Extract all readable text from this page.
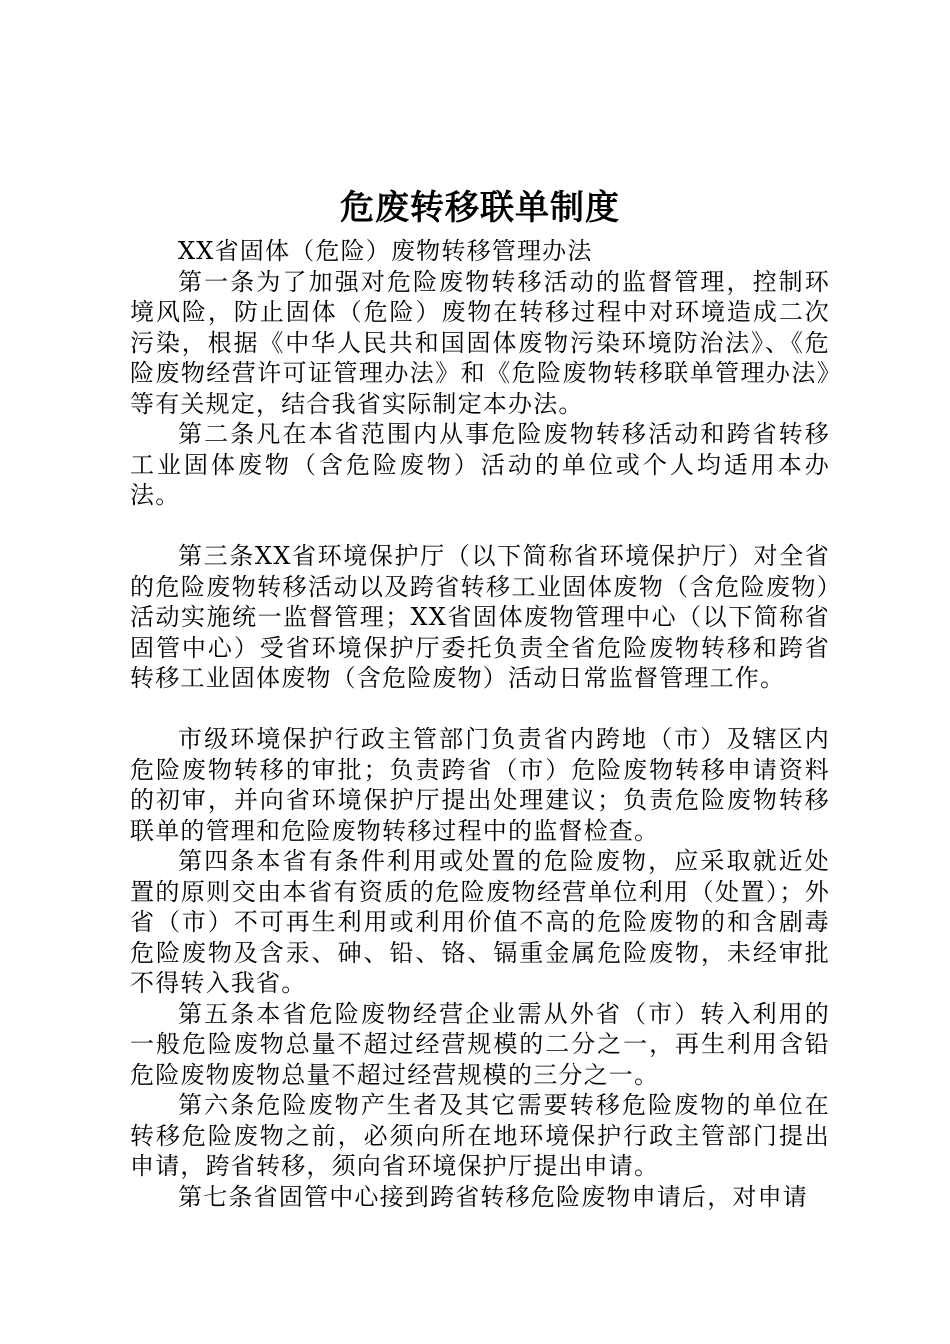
危废转移联单制度

XX省固体（危险）废物转移管理办法

第一条为了加强对危险废物转移活动的监督管理，控制环境风险，防止固体（危险）废物在转移过程中对环境造成二次污染，根据《中华人民共和国固体废物污染环境防治法》、《危险废物经营许可证管理办法》和《危险废物转移联单管理办法》等有关规定，结合我省实际制定本办法。

第二条凡在本省范围内从事危险废物转移活动和跨省转移工业固体废物（含危险废物）活动的单位或个人均适用本办法。

第三条XX省环境保护厅（以下简称省环境保护厅）对全省的危险废物转移活动以及跨省转移工业固体废物（含危险废物）活动实施统一监督管理；XX省固体废物管理中心（以下简称省固管中心）受省环境保护厅委托负责全省危险废物转移和跨省转移工业固体废物（含危险废物）活动日常监督管理工作。

市级环境保护行政主管部门负责省内跨地（市）及辖区内危险废物转移的审批；负责跨省（市）危险废物转移申请资料的初审，并向省环境保护厅提出处理建议；负责危险废物转移联单的管理和危险废物转移过程中的监督检查。

第四条本省有条件利用或处置的危险废物，应采取就近处置的原则交由本省有资质的危险废物经营单位利用（处置）；外省（市）不可再生利用或利用价值不高的危险废物的和含剧毒危险废物及含汞、砷、铅、铬、镉重金属危险废物，未经审批不得转入我省。

第五条本省危险废物经营企业需从外省（市）转入利用的一般危险废物总量不超过经营规模的二分之一，再生利用含铅危险废物废物总量不超过经营规模的三分之一。

第六条危险废物产生者及其它需要转移危险废物的单位在转移危险废物之前，必须向所在地环境保护行政主管部门提出申请，跨省转移，须向省环境保护厅提出申请。

第七条省固管中心接到跨省转移危险废物申请后，对申请
